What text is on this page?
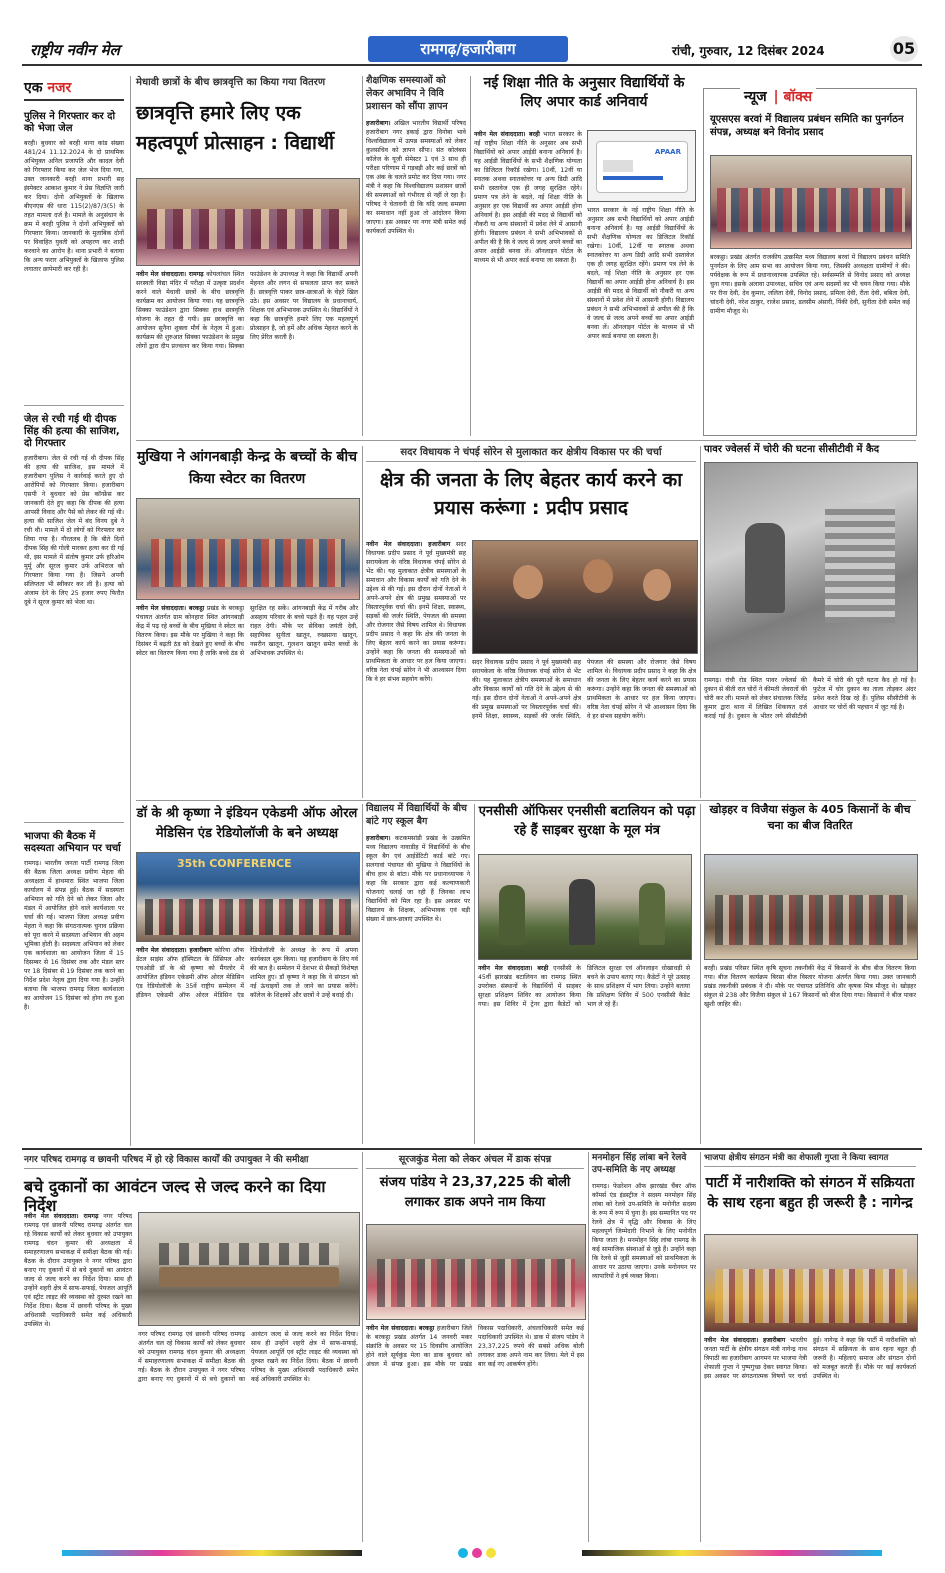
राष्ट्रीय नवीन मेल	रामगढ़/हजारीबाग	रांची, गुरुवार, 12 दिसंबर 2024	05
एक नजर
पुलिस ने गिरफ्तार कर दो को भेजा जेल
बरही। बुधवार को बरही थाना कांड संख्या 481/24 11.12.2024 के दो प्राथमिक अभियुक्त अनिल प्रजापति और कादल देवी को गिरफ्तार किया कर जेल भेज दिया गया, उक्त जानकारी बरही थाना प्रभारी सह इंस्पेक्टर आकाश कुमार ने प्रेस विज्ञप्ति जारी कर दिया। दोनो अभियुक्तों के खिलाफ बीएनएस की धारा 115(2)/87/3(5) के तहत मामला दर्ज है। मामले के अनुसंधान के क्रम में बरही पुलिस ने दोनों अभियुक्तों को गिरफ्तार किया। जानकारी के मुताबिक दोनों पर विवाहित युवती को अपहरण कर शादी करवाने का आरोप है। थाना प्रभारी ने बताया कि अन्य फरार अभियुक्तों के खिलाफ पुलिस लगातार छापेमारी कर रही है।
जेल से रची गई थी दीपक सिंह की हत्या की साजिश, दो गिरफ्तार
हजारीबाग। जेल से रची गई थी दीपक सिंह की हत्या की साजिश, इस मामले में हजारीबाग पुलिस ने कार्रवाई करते हुए दो आरोपियों को गिरफ्तार किया। हजारीबाग एसपी ने बुधवार को प्रेस कॉन्फ्रेंस कर जानकारी देते हुए कहा कि दीपक की हत्या आपसी विवाद और पैसे को लेकर की गई थी। हत्या की साजिश जेल में बंद विनय दुबे ने रची थी। मामले में दो लोगों को गिरफ्तार कर लिया गया है। गौरतलब है कि बीते दिनों दीपक सिंह की गोली मारकर हत्या कर दी गई थी, इस मामले में संतोष कुमार उर्फ हरिओम मुर्मू और सूरज कुमार उर्फ अभिराज को गिरफ्तार किया गया है। जिसने अपनी संलिप्तता भी स्वीकार कर ली है। हत्या को अंजाम देने के लिए 25 हजार रुपए फिरौत दूबे ने सूरज कुमार को भेजा था।
भाजपा की बैठक में सदस्यता अभियान पर चर्चा
रामगढ़। भारतीय जनता पार्टी रामगढ़ जिला की बैठक जिला अध्यक्ष प्रवीण मेहता की अध्यक्षता में हाथमारा स्थित भाजपा जिला कार्यालय में संपन्न हुई। बैठक में सदस्यता अभियान को गति देने को लेकर जिला और मंडल में आयोजित होने वाले कार्यशाला पर चर्चा की गई। भाजपा जिला अध्यक्ष प्रवीण मेहता ने कहा कि संगठनात्मक चुनाव प्रक्रिया को पूरा करने में सदस्यता अभियान की अहम भूमिका होती है। सदस्यता अभियान को लेकर एक कार्यशाला का आयोजन जिला में 15 दिसम्बर से 16 दिसंबर तक और मंडल स्तर पर 18 दिसंबर से 19 दिसंबर तक करने का निर्देश प्रदेश नेतृत्व द्वारा दिया गया है। उन्होंने बताया कि भाजपा रामगढ़ जिला कार्यशाला का आयोजन 15 दिसंबर को होना तय हुआ है।
मेधावी छात्रों के बीच छात्रवृत्ति का किया गया वितरण
छात्रवृत्ति हमारे लिए एक महत्वपूर्ण प्रोत्साहन : विद्यार्थी
नवीन मेल संवाददाता। रामगढ़ कोयलांचल स्थित सरस्वती विद्या मंदिर में परीक्षा में उत्कृष्ट प्रदर्शन करने वाले मेधावी छात्रों के बीच छात्रवृत्ति कार्यक्रम का आयोजन किया गया। यह छात्रवृत्ति सिक्का फाउंडेशन द्वारा सिक्का हाथ छात्रवृत्ति योजना के तहत दी गयी। इस छात्रवृत्ति का आयोजन सुनैना शुक्ला मौर्य के नेतृत्व में हुआ। कार्यक्रम की शुरुआत सिक्का फाउंडेशन के प्रमुख लोगों द्वारा दीप प्रज्वलन कर किया गया। सिक्का फाउंडेशन के उपाध्यक्ष ने कहा कि विद्यार्थी अपनी मेहनत और लगन से सफलता प्राप्त कर सकते हैं। छात्रवृत्ति पाकर छात्र-छात्राओं के चेहरे खिल उठे। इस अवसर पर विद्यालय के प्रधानाचार्य, शिक्षक एवं अभिभावक उपस्थित थे। विद्यार्थियों ने कहा कि छात्रवृत्ति हमारे लिए एक महत्वपूर्ण प्रोत्साहन है, जो हमें और अधिक मेहनत करने के लिए प्रेरित करती है।
शैक्षणिक समस्याओं को लेकर अभाविप ने विवि प्रशासन को सौंपा ज्ञापन
हजारीबाग। अखिल भारतीय विद्यार्थी परिषद हजारीबाग नगर इकाई द्वारा विनोबा भावे विश्वविद्यालय में उत्पन्न समस्याओं को लेकर कुलसचिव को ज्ञापन सौंपा। संत कोलंबस कॉलेज के यूजी सेमेस्टर 1 एवं 3 साथ ही परीक्षा परिणाम में गड़बड़ी और कई छात्रों को एक अंक के चलते प्रमोट कर दिया गया। नगर मंत्री ने कहा कि विश्वविद्यालय प्रशासन छात्रों की समस्याओं को गंभीरता से नहीं ले रहा है। परिषद ने चेतावनी दी कि यदि जल्द समस्या का समाधान नहीं हुआ तो आंदोलन किया जाएगा। इस अवसर पर नगर मंत्री समेत कई कार्यकर्ता उपस्थित थे।
नई शिक्षा नीति के अनुसार विद्यार्थियों के लिए अपार कार्ड अनिवार्य
नवीन मेल संवाददाता। बरही भारत सरकार के नई राष्ट्रीय शिक्षा नीति के अनुसार अब सभी विद्यार्थियों को अपार आईडी बनाना अनिवार्य है। यह आईडी विद्यार्थियों के सभी शैक्षणिक योग्यता का डिजिटल रिकॉर्ड रखेगा। 10वीं, 12वीं या स्नातक अथवा स्नातकोत्तर या अन्य डिग्री आदि सभी दस्तावेज एक ही जगह सुरक्षित रहेंगे। प्रमाण पत्र लेने के बदले, नई शिक्षा नीति के अनुसार हर एक विद्यार्थी का अपार आईडी होना अनिवार्य है। इस आईडी की मदद से विद्यार्थी को नौकरी या अन्य संस्थानों में प्रवेश लेने में आसानी होगी। विद्यालय प्रबंधन ने सभी अभिभावकों से अपील की है कि वे जल्द से जल्द अपने बच्चों का अपार आईडी बनवा लें। ऑनलाइन पोर्टल के माध्यम से भी अपार कार्ड बनाया जा सकता है।
APAAR
भारत सरकार के नई राष्ट्रीय शिक्षा नीति के अनुसार अब सभी विद्यार्थियों को अपार आईडी बनाना अनिवार्य है। यह आईडी विद्यार्थियों के सभी शैक्षणिक योग्यता का डिजिटल रिकॉर्ड रखेगा। 10वीं, 12वीं या स्नातक अथवा स्नातकोत्तर या अन्य डिग्री आदि सभी दस्तावेज एक ही जगह सुरक्षित रहेंगे। प्रमाण पत्र लेने के बदले, नई शिक्षा नीति के अनुसार हर एक विद्यार्थी का अपार आईडी होना अनिवार्य है। इस आईडी की मदद से विद्यार्थी को नौकरी या अन्य संस्थानों में प्रवेश लेने में आसानी होगी। विद्यालय प्रबंधन ने सभी अभिभावकों से अपील की है कि वे जल्द से जल्द अपने बच्चों का अपार आईडी बनवा लें। ऑनलाइन पोर्टल के माध्यम से भी अपार कार्ड बनाया जा सकता है।
न्यूज | बॉक्स
यूएसएस बरवां में विद्यालय प्रबंधन समिति का पुनर्गठन संपन्न, अध्यक्ष बने विनोद प्रसाद
बरकट्ठा। प्रखंड अंतर्गत राजकीय उत्क्रमित मध्य विद्यालय बरवां में विद्यालय प्रबंधन समिति पुनर्गठन के लिए आम सभा का आयोजन किया गया, जिसकी अध्यक्षता ग्रामीणों ने की। पर्यवेक्षक के रूप में प्रधानाध्यापक उपस्थित रहे। सर्वसम्मति से विनोद प्रसाद को अध्यक्ष चुना गया। इसके अलावा उपाध्यक्ष, सचिव एवं अन्य सदस्यों का भी चयन किया गया। मौके पर रीना देवी, देव कुमार, ललिता देवी, विनोद प्रसाद, प्रमिला देवी, रीता देवी, बबिता देवी, चांदनी देवी, नरेश ठाकुर, राजेश प्रसाद, डलसीम अंसारी, पिंकी देवी, सुनीता देवी समेत कई ग्रामीण मौजूद थे।
मुखिया ने आंगनबाड़ी केन्द्र के बच्चों के बीच किया स्वेटर का वितरण
नवीन मेल संवाददाता। बरकट्ठा प्रखंड के बरकट्ठा पंचायत अंतर्गत ग्राम कोनहारा स्थित आंगनबाड़ी केंद्र में पढ़ रहे बच्चों के बीच मुखिया ने स्वेटर का वितरण किया। इस मौके पर मुखिया ने कहा कि दिसंबर में बढ़ती ठंड को देखते हुए बच्चों के बीच स्वेटर का वितरण किया गया है ताकि बच्चे ठंड से सुरक्षित रह सकें। आंगनबाड़ी केंद्र में गरीब और असहाय परिवार के बच्चे पढ़ते हैं। यह पहल उन्हें राहत देगी। मौके पर सेविका जयंती देवी, सहायिका सुनीता खातून, रुखसाना खातून, नसरीन खातून, गुलशन खातून समेत बच्चों के अभिभावक उपस्थित थे।
सदर विधायक ने चंपई सोरेन से मुलाकात कर क्षेत्रीय विकास पर की चर्चा
क्षेत्र की जनता के लिए बेहतर कार्य करने का प्रयास करूंगा : प्रदीप प्रसाद
नवीन मेल संवाददाता। हजारीबाग सदर विधायक प्रदीप प्रसाद ने पूर्व मुख्यमंत्री सह सरायकेला के वरिष्ठ विधायक चंपई सोरेन से भेंट की। यह मुलाकात क्षेत्रीय समस्याओं के समाधान और विकास कार्यों को गति देने के उद्देश्य से की गई। इस दौरान दोनों नेताओं ने अपने-अपने क्षेत्र की प्रमुख समस्याओं पर विस्तारपूर्वक चर्चा की। इनमें शिक्षा, स्वास्थ्य, सड़कों की जर्जर स्थिति, पेयजल की समस्या और रोजगार जैसे विषय शामिल थे। विधायक प्रदीप प्रसाद ने कहा कि क्षेत्र की जनता के लिए बेहतर कार्य करने का प्रयास करूंगा। उन्होंने कहा कि जनता की समस्याओं को प्राथमिकता के आधार पर हल किया जाएगा। वरिष्ठ नेता चंपई सोरेन ने भी आश्वासन दिया कि वे हर संभव सहयोग करेंगे।
सदर विधायक प्रदीप प्रसाद ने पूर्व मुख्यमंत्री सह सरायकेला के वरिष्ठ विधायक चंपई सोरेन से भेंट की। यह मुलाकात क्षेत्रीय समस्याओं के समाधान और विकास कार्यों को गति देने के उद्देश्य से की गई। इस दौरान दोनों नेताओं ने अपने-अपने क्षेत्र की प्रमुख समस्याओं पर विस्तारपूर्वक चर्चा की। इनमें शिक्षा, स्वास्थ्य, सड़कों की जर्जर स्थिति, पेयजल की समस्या और रोजगार जैसे विषय शामिल थे। विधायक प्रदीप प्रसाद ने कहा कि क्षेत्र की जनता के लिए बेहतर कार्य करने का प्रयास करूंगा। उन्होंने कहा कि जनता की समस्याओं को प्राथमिकता के आधार पर हल किया जाएगा। वरिष्ठ नेता चंपई सोरेन ने भी आश्वासन दिया कि वे हर संभव सहयोग करेंगे।
पावर ज्वेलर्स में चोरी की घटना सीसीटीवी में कैद
रामगढ़। रांची रोड स्थित पावर ज्वेलर्स की दुकान से बीती रात चोरों ने कीमती जेवरातों की चोरी कर ली। मामले को लेकर संचालक जितेंद्र कुमार द्वारा थाना में लिखित शिकायत दर्ज कराई गई है। दुकान के भीतर लगे सीसीटीवी कैमरे में चोरी की पूरी घटना कैद हो गई है। फुटेज में चोर दुकान का ताला तोड़कर अंदर प्रवेश करते दिख रहे हैं। पुलिस सीसीटीवी के आधार पर चोरों की पहचान में जुट गई है।
डॉ के श्री कृष्णा ने इंडियन एकेडमी ऑफ ओरल मेडिसिन एंड रेडियोलॉजी के बने अध्यक्ष
35th CONFERENCE
नवीन मेल संवाददाता। हजारीबाग कोरिया ऑफ डेंटल साइंस ऑफ हॉस्पिटल के प्रिंसिपल और एचओडी डॉ के श्री कृष्णा को मैंगलोर में आयोजित इंडियन एकेडमी ऑफ ओरल मेडिसिन एंड रेडियोलॉजी के 35वें राष्ट्रीय सम्मेलन में इंडियन एकेडमी ऑफ ओरल मेडिसिन एंड रेडियोलॉजी के अध्यक्ष के रूप में अपना कार्यकाल शुरू किया। यह हजारीबाग के लिए गर्व की बात है। सम्मेलन में देशभर से सैकड़ों विशेषज्ञ शामिल हुए। डॉ कृष्णा ने कहा कि वे संगठन को नई ऊंचाइयों तक ले जाने का प्रयास करेंगे। कॉलेज के शिक्षकों और छात्रों ने उन्हें बधाई दी।
विद्यालय में विद्यार्थियों के बीच बांटे गए स्कूल बैग
हजारीबाग। कटकमसांडी प्रखंड के उत्क्रमित मध्य विद्यालय नावाडीह में विद्यार्थियों के बीच स्कूल बैग एवं आईडेंटिटी कार्ड बांटे गए। सलगावां पंचायत की मुखिया ने विद्यार्थियों के बीच हाथ से बांटा। मौके पर प्रधानाध्यापक ने कहा कि सरकार द्वारा कई कल्याणकारी योजनाएं चलाई जा रही हैं जिनका लाभ विद्यार्थियों को मिल रहा है। इस अवसर पर विद्यालय के शिक्षक, अभिभावक एवं बड़ी संख्या में छात्र-छात्राएं उपस्थित थे।
एनसीसी ऑफिसर एनसीसी बटालियन को पढ़ा रहे हैं साइबर सुरक्षा के मूल मंत्र
नवीन मेल संवाददाता। बरही एनसीसी के 45वीं झारखंड बटालियन का रामगढ़ स्थित उपरोक्त संस्थानों के विद्यार्थियों में साइबर सुरक्षा प्रशिक्षण शिविर का आयोजन किया गया। इस शिविर में ट्रेनर द्वारा कैडेटों को डिजिटल सुरक्षा एवं ऑनलाइन धोखाधड़ी से बचने के उपाय बताए गए। कैडेटों ने पूरे उत्साह के साथ प्रशिक्षण में भाग लिया। उन्होंने बताया कि प्रशिक्षण शिविर में 500 एनसीसी कैडेट भाग ले रहे हैं।
खोड़हर व विजैया संकुल के 405 किसानों के बीच चना का बीज वितरित
बरही। प्रखंड परिसर स्थित कृषि सूचना तकनीकी केंद्र में किसानों के बीच बीज वितरण किया गया। बीज वितरण कार्यक्रम बिरसा बीज विस्तार योजना अंतर्गत किया गया। उक्त जानकारी प्रखंड तकनीकी प्रबंधक ने दी। मौके पर पंचायत प्रतिनिधि और कृषक मित्र मौजूद थे। खोड़हर संकुल से 238 और विजैया संकुल से 167 किसानों को बीज दिया गया। किसानों ने बीज पाकर खुशी जाहिर की।
नगर परिषद रामगढ़ व छावनी परिषद में हो रहे विकास कार्यों की उपायुक्त ने की समीक्षा
बचे दुकानों का आवंटन जल्द से जल्द करने का दिया निर्देश
नवीन मेल संवाददाता। रामगढ़ नगर परिषद रामगढ़ एवं छावनी परिषद रामगढ़ अंतर्गत चल रहे विकास कार्यों को लेकर बुधवार को उपायुक्त रामगढ़ चंदन कुमार की अध्यक्षता में समाहरणालय सभाकक्ष में समीक्षा बैठक की गई। बैठक के दौरान उपायुक्त ने नगर परिषद द्वारा बनाए गए दुकानों में से बचे दुकानों का आवंटन जल्द से जल्द करने का निर्देश दिया। साथ ही उन्होंने शहरी क्षेत्र में साफ-सफाई, पेयजल आपूर्ति एवं स्ट्रीट लाइट की व्यवस्था को दुरुस्त रखने का निर्देश दिया। बैठक में छावनी परिषद के मुख्य अधिशासी पदाधिकारी समेत कई अधिकारी उपस्थित थे।
नगर परिषद रामगढ़ एवं छावनी परिषद रामगढ़ अंतर्गत चल रहे विकास कार्यों को लेकर बुधवार को उपायुक्त रामगढ़ चंदन कुमार की अध्यक्षता में समाहरणालय सभाकक्ष में समीक्षा बैठक की गई। बैठक के दौरान उपायुक्त ने नगर परिषद द्वारा बनाए गए दुकानों में से बचे दुकानों का आवंटन जल्द से जल्द करने का निर्देश दिया। साथ ही उन्होंने शहरी क्षेत्र में साफ-सफाई, पेयजल आपूर्ति एवं स्ट्रीट लाइट की व्यवस्था को दुरुस्त रखने का निर्देश दिया। बैठक में छावनी परिषद के मुख्य अधिशासी पदाधिकारी समेत कई अधिकारी उपस्थित थे।
सूरजकुंड मेला को लेकर अंचल में डाक संपन्न
संजय पांडेय ने 23,37,225 की बोली लगाकर डाक अपने नाम किया
नवीन मेल संवाददाता। बरकट्ठा हजारीबाग जिले के बरकट्ठा प्रखंड अंतर्गत 14 जनवरी मकर संक्रांति के अवसर पर 15 दिवसीय आयोजित होने वाले सूर्यकुंड मेला का डाक बुधवार को अंचल में संपन्न हुआ। इस मौके पर प्रखंड विकास पदाधिकारी, अंचलाधिकारी समेत कई पदाधिकारी उपस्थित थे। डाक में संजय पांडेय ने 23,37,225 रुपये की सबसे अधिक बोली लगाकर डाक अपने नाम कर लिया। मेले में इस बार कई नए आकर्षण होंगे।
मनमोहन सिंह लांबा बने रेलवे उप-समिति के नए अध्यक्ष
रामगढ़। फेडरेशन ऑफ झारखंड चैंबर ऑफ कॉमर्स एंड इंडस्ट्रीज ने सदस्य मनमोहन सिंह लांबा को रेलवे उप-समिति के मनोनीत सदस्य के रूप में रूप में चुना है। इस सम्मानित पद पर रेलवे क्षेत्र में वृद्धि और विकास के लिए महत्वपूर्ण जिम्मेदारी निभाने के लिए मनोनीत किया जाता है। मनमोहन सिंह लांबा रामगढ़ के कई सामाजिक संस्थाओं से जुड़े हैं। उन्होंने कहा कि रेलवे से जुड़ी समस्याओं को प्राथमिकता के आधार पर उठाया जाएगा। उनके मनोनयन पर व्यापारियों ने हर्ष व्यक्त किया।
भाजपा क्षेत्रीय संगठन मंत्री का शेफाली गुप्ता ने किया स्वागत
पार्टी में नारीशक्ति को संगठन में सक्रियता के साथ रहना बहुत ही जरूरी है : नागेन्द्र
नवीन मेल संवाददाता। हजारीबाग भारतीय जनता पार्टी के क्षेत्रीय संगठन मंत्री नागेन्द्र नाथ त्रिपाठी का हजारीबाग आगमन पर भाजपा नेत्री शेफाली गुप्ता ने पुष्पगुच्छ देकर स्वागत किया। इस अवसर पर संगठनात्मक विषयों पर चर्चा हुई। नागेन्द्र ने कहा कि पार्टी में नारीशक्ति को संगठन में सक्रियता के साथ रहना बहुत ही जरूरी है। महिलाएं समाज और संगठन दोनों को मजबूत करती हैं। मौके पर कई कार्यकर्ता उपस्थित थे।
